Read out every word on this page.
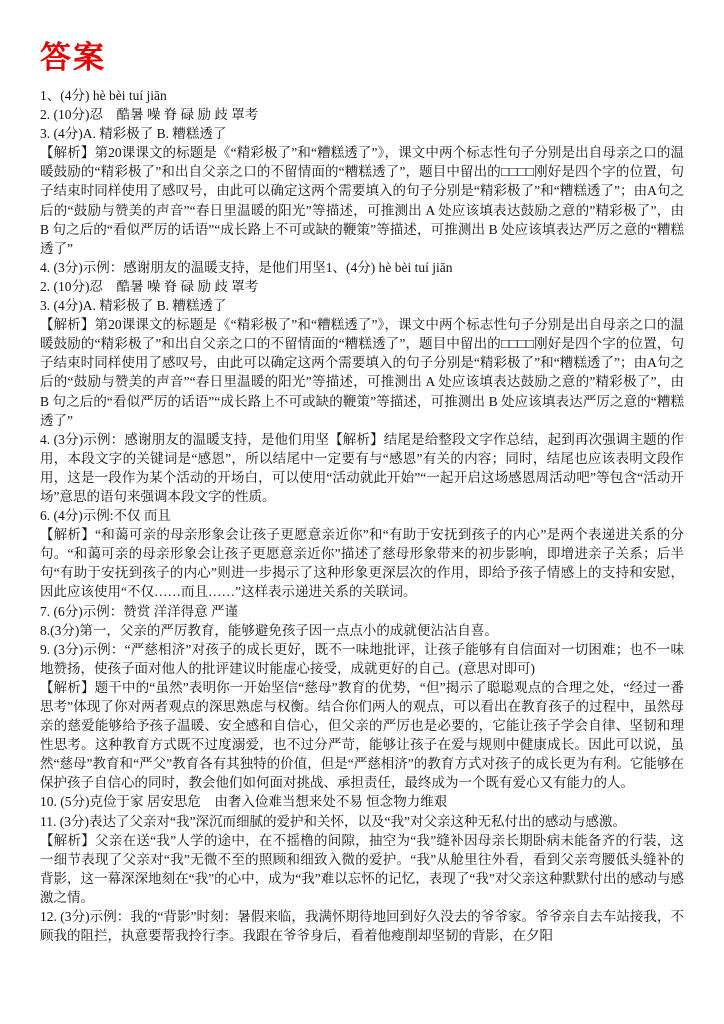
答案

1、(4分) hè bèi tuí jiān

2. (10分)忍　酷暑 噪 脊 碌 励 歧 罩考

3. (4分)A. 精彩极了 B. 糟糕透了

【解析】第20课课文的标题是《“精彩极了”和“糟糕透了”》，课文中两个标志性句子分别是出自母亲之口的温暖鼓励的“精彩极了”和出自父亲之口的不留情面的“糟糕透了”，题目中留出的□□□□刚好是四个字的位置，句子结束时同样使用了感叹号，由此可以确定这两个需要填入的句子分别是“精彩极了”和“糟糕透了”；由A句之后的“鼓励与赞美的声音”“春日里温暖的阳光”等描述，可推测出 A 处应该填表达鼓励之意的”精彩极了”，由 B 句之后的“看似严厉的话语”“成长路上不可或缺的鞭策”等描述，可推测出 B 处应该填表达严厉之意的“糟糕透了”

4. (3分)示例：感谢朋友的温暖支持，是他们用坚1、(4分) hè bèi tuí jiān

2. (10分)忍　酷暑 噪 脊 碌 励 歧 罩考

3. (4分)A. 精彩极了 B. 糟糕透了

【解析】第20课课文的标题是《“精彩极了”和“糟糕透了”》，课文中两个标志性句子分别是出自母亲之口的温暖鼓励的“精彩极了”和出自父亲之口的不留情面的“糟糕透了”，题目中留出的□□□□刚好是四个字的位置，句子结束时同样使用了感叹号，由此可以确定这两个需要填入的句子分别是“精彩极了”和“糟糕透了”；由A句之后的“鼓励与赞美的声音”“春日里温暖的阳光”等描述，可推测出 A 处应该填表达鼓励之意的”精彩极了”，由 B 句之后的“看似严厉的话语”“成长路上不可或缺的鞭策”等描述，可推测出 B 处应该填表达严厉之意的“糟糕透了”

4. (3分)示例：感谢朋友的温暖支持，是他们用坚【解析】结尾是给整段文字作总结，起到再次强调主题的作用，本段文字的关键词是“感恩”，所以结尾中一定要有与“感恩”有关的内容；同时，结尾也应该表明文段作用，这是一段作为某个活动的开场白，可以使用“活动就此开始”“一起开启这场感恩周活动吧”等包含“活动开场”意思的语句来强调本段文字的性质。

6. (4分)示例:不仅 而且

【解析】“和蔼可亲的母亲形象会让孩子更愿意亲近你”和“有助于安抚到孩子的内心”是两个表递进关系的分句。“和蔼可亲的母亲形象会让孩子更愿意亲近你”描述了慈母形象带来的初步影响，即增进亲子关系；后半句“有助于安抚到孩子的内心”则进一步揭示了这种形象更深层次的作用，即给予孩子情感上的支持和安慰，因此应该使用“不仅……而且……”这样表示递进关系的关联词。

7. (6分)示例：赞赏 洋洋得意 严谨

8.(3分)第一，父亲的严厉教育，能够避免孩子因一点点小的成就便沾沾自喜。

9. (3分)示例：“严慈相济”对孩子的成长更好，既不一味地批评，让孩子能够有自信面对一切困难；也不一味地赞扬，使孩子面对他人的批评建议时能虚心接受，成就更好的自己。(意思对即可)

【解析】题干中的“虽然”表明你一开始坚信“慈母”教育的优势，“但”揭示了聪聪观点的合理之处，“经过一番思考”体现了你对两者观点的深思熟虑与权衡。结合你们两人的观点，可以看出在教育孩子的过程中，虽然母亲的慈爱能够给予孩子温暖、安全感和自信心，但父亲的严厉也是必要的，它能让孩子学会自律、坚韧和理性思考。这种教育方式既不过度溺爱，也不过分严苛，能够让孩子在爱与规则中健康成长。因此可以说，虽然“慈母”教育和“严父”教育各有其独特的价值，但是“严慈相济”的教育方式对孩子的成长更为有利。它能够在保护孩子自信心的同时，教会他们如何面对挑战、承担责任，最终成为一个既有爱心又有能力的人。

10. (5分)克俭于家 居安思危　由奢入俭难当想来处不易 恒念物力维艰

11. (3分)表达了父亲对“我”深沉而细腻的爱护和关怀，以及“我”对父亲这种无私付出的感动与感激。

【解析】父亲在送“我”人学的途中，在不摇橹的间隙，抽空为“我”缝补因母亲长期卧病未能备齐的行装，这一细节表现了父亲对“我”无微不至的照顾和细致入微的爱护。“我”从舱里往外看，看到父亲弯腰低头缝补的背影，这一幕深深地刻在“我”的心中，成为“我”难以忘怀的记忆，表现了“我”对父亲这种默默付出的感动与感激之情。

12. (3分)示例：我的“背影”时刻：暑假来临，我满怀期待地回到好久没去的爷爷家。爷爷亲自去车站接我，不顾我的阻拦，执意要帮我拎行李。我跟在爷爷身后，看着他瘦削却坚韧的背影，在夕阳
